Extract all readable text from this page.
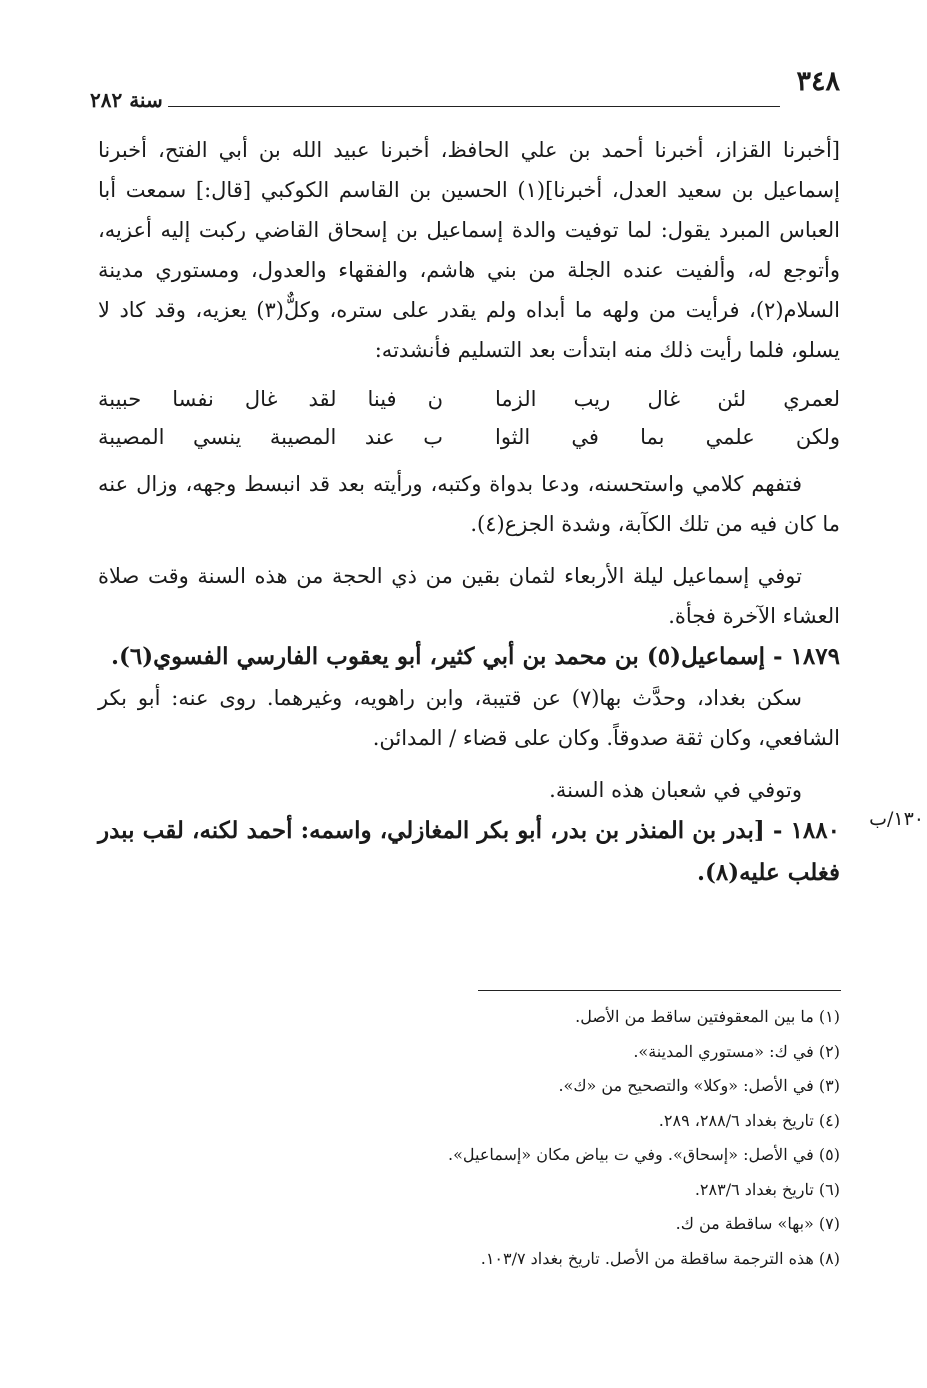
٣٤٨
سنة ٢٨٢

[أخبرنا القزاز، أخبرنا أحمد بن علي الحافظ، أخبرنا عبيد الله بن أبي الفتح، أخبرنا إسماعيل بن سعيد العدل، أخبرنا](١) الحسين بن القاسم الكوكبي [قال:] سمعت أبا العباس المبرد يقول: لما توفيت والدة إسماعيل بن إسحاق القاضي ركبت إليه أعزيه، وأتوجع له، وألفيت عنده الجلة من بني هاشم، والفقهاء والعدول، ومستوري مدينة السلام(٢)، فرأيت من ولهه ما أبداه ولم يقدر على ستره، وكلٌّ(٣) يعزيه، وقد كاد لا يسلو، فلما رأيت ذلك منه ابتدأت بعد التسليم فأنشدته:

لعمري لئن غال ريب الزما
ن فينا لقد غال نفسا حبيبة
ولكن علمي بما في الثوا
ب عند المصيبة ينسي المصيبة

فتفهم كلامي واستحسنه، ودعا بدواة وكتبه، ورأيته بعد قد انبسط وجهه، وزال عنه ما كان فيه من تلك الكآبة، وشدة الجزع(٤).

توفي إسماعيل ليلة الأربعاء لثمان بقين من ذي الحجة من هذه السنة وقت صلاة العشاء الآخرة فجأة.

١٨٧٩ - إسماعيل(٥) بن محمد بن أبي كثير، أبو يعقوب الفارسي الفسوي(٦).

سكن بغداد، وحدَّث بها(٧) عن قتيبة، وابن راهويه، وغيرهما. روى عنه: أبو بكر الشافعي، وكان ثقة صدوقاً. وكان على قضاء / المدائن.

وتوفي في شعبان هذه السنة.

١٨٨٠ - [بدر بن المنذر بن بدر، أبو بكر المغازلي، واسمه: أحمد لكنه، لقب ببدر فغلب عليه(٨).

١٣٠/ب

(١) ما بين المعقوفتين ساقط من الأصل.

(٢) في ك: «مستوري المدينة».

(٣) في الأصل: «وكلا» والتصحيح من «ك».

(٤) تاريخ بغداد ٢٨٨/٦، ٢٨٩.

(٥) في الأصل: «إسحاق». وفي ت بياض مكان «إسماعيل».

(٦) تاريخ بغداد ٢٨٣/٦.

(٧) «بها» ساقطة من ك.

(٨) هذه الترجمة ساقطة من الأصل. تاريخ بغداد ١٠٣/٧.
